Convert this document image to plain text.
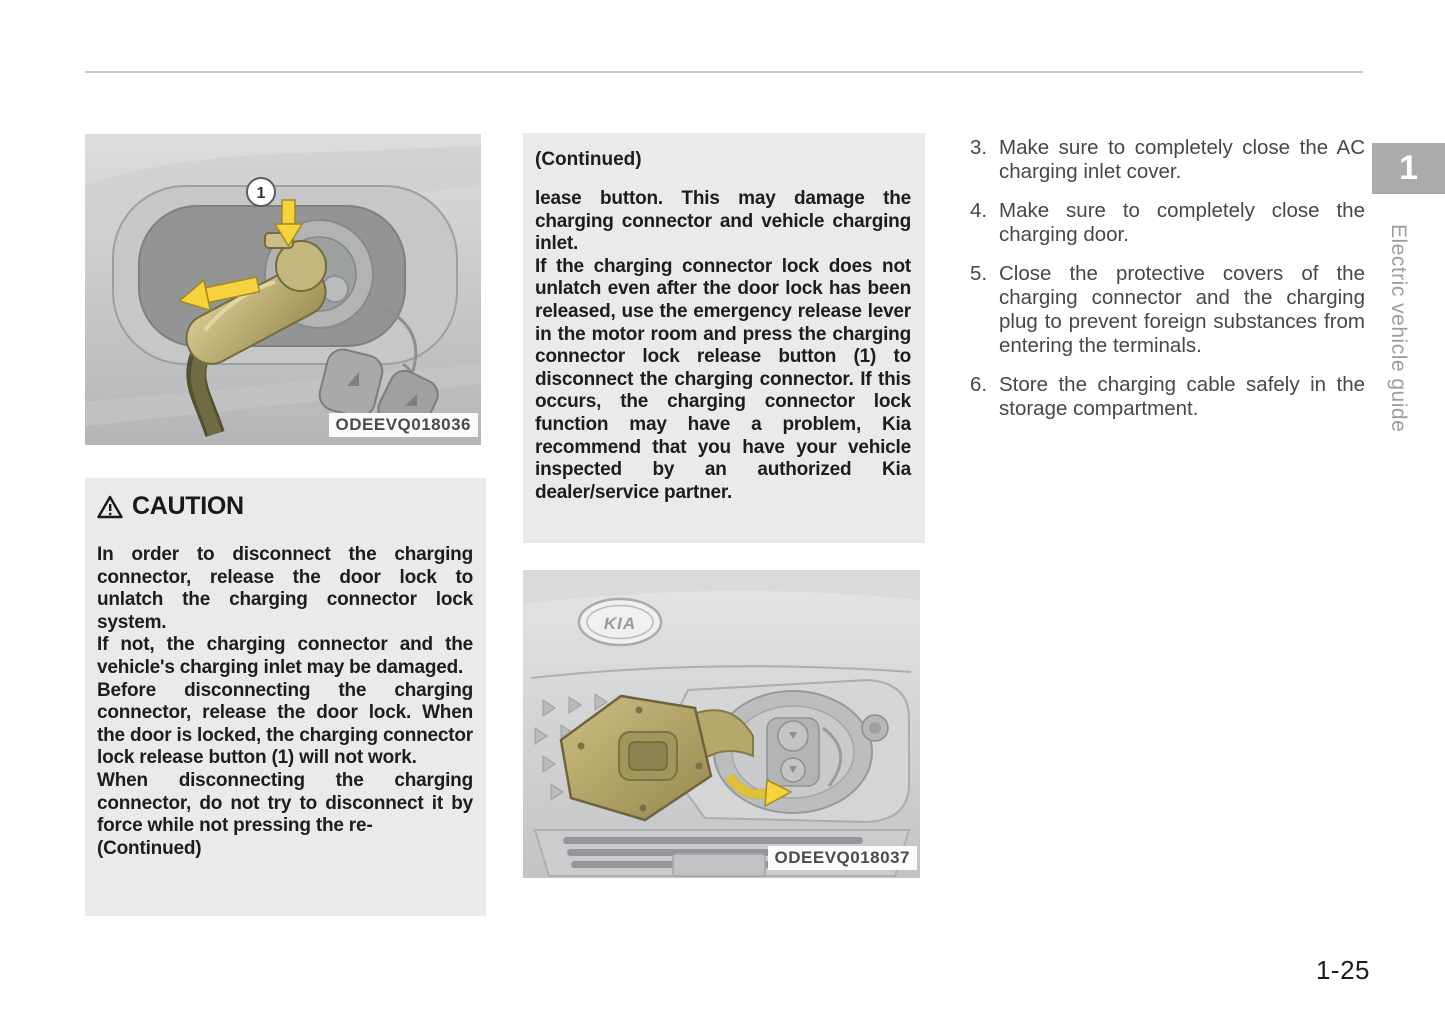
1
ODEEVQ018036

CAUTION

In order to disconnect the charging connector, release the door lock to unlatch the charging connector lock system.

If not, the charging connector and the vehicle's charging inlet may be damaged.

Before disconnecting the charging connector, release the door lock. When the door is locked, the charging connector lock release button (1) will not work.

When disconnecting the charging connector, do not try to disconnect it by force while not pressing the re-

(Continued)

(Continued)

lease button. This may damage the charging connector and vehicle charging inlet.

If the charging connector lock does not unlatch even after the door lock has been released, use the emergency release lever in the motor room and press the charging connector lock release button (1) to disconnect the charging connector. If this occurs, the charging connector lock function may have a problem, Kia recommend that you have your vehicle inspected by an authorized Kia dealer/service partner.

KIA
ODEEVQ018037

3. Make sure to completely close the AC charging inlet cover.

4. Make sure to completely close the charging door.

5. Close the protective covers of the charging connector and the charging plug to prevent foreign substances from entering the terminals.

6. Store the charging cable safely in the storage compartment.

1
Electric vehicle guide
1-25
